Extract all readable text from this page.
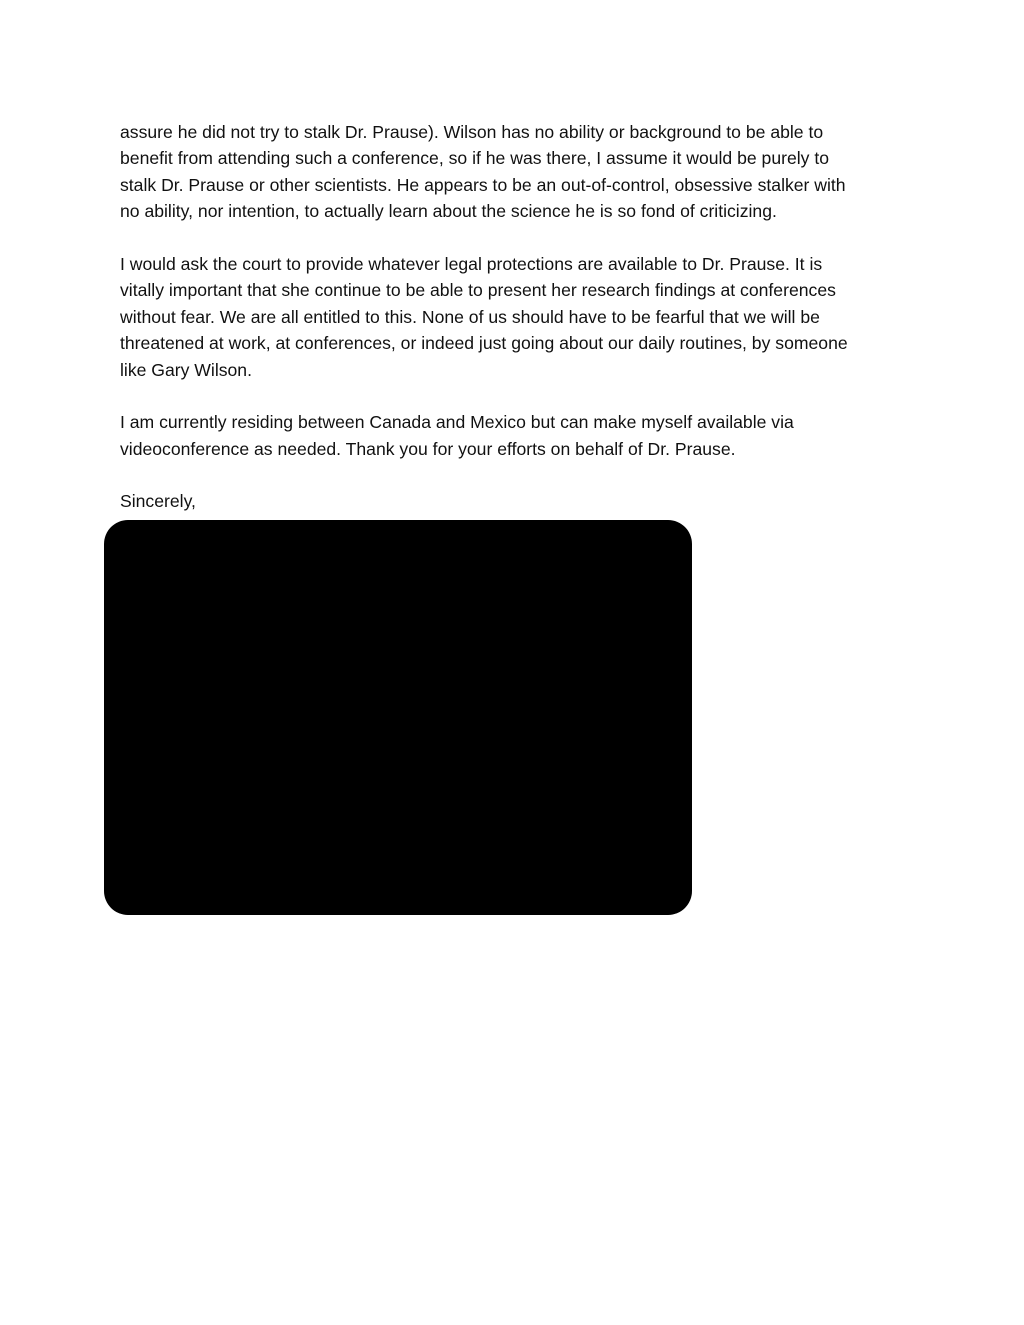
assure he did not try to stalk Dr. Prause). Wilson has no ability or background to be able to
benefit from attending such a conference, so if he was there, I assume it would be purely to
stalk Dr. Prause or other scientists. He appears to be an out-of-control, obsessive stalker with
no ability, nor intention, to actually learn about the science he is so fond of criticizing.
I would ask the court to provide whatever legal protections are available to Dr. Prause. It is
vitally important that she continue to be able to present her research findings at conferences
without fear. We are all entitled to this. None of us should have to be fearful that we will be
threatened at work, at conferences, or indeed just going about our daily routines, by someone
like Gary Wilson.
I am currently residing between Canada and Mexico but can make myself available via
videoconference as needed. Thank you for your efforts on behalf of Dr. Prause.
Sincerely,
